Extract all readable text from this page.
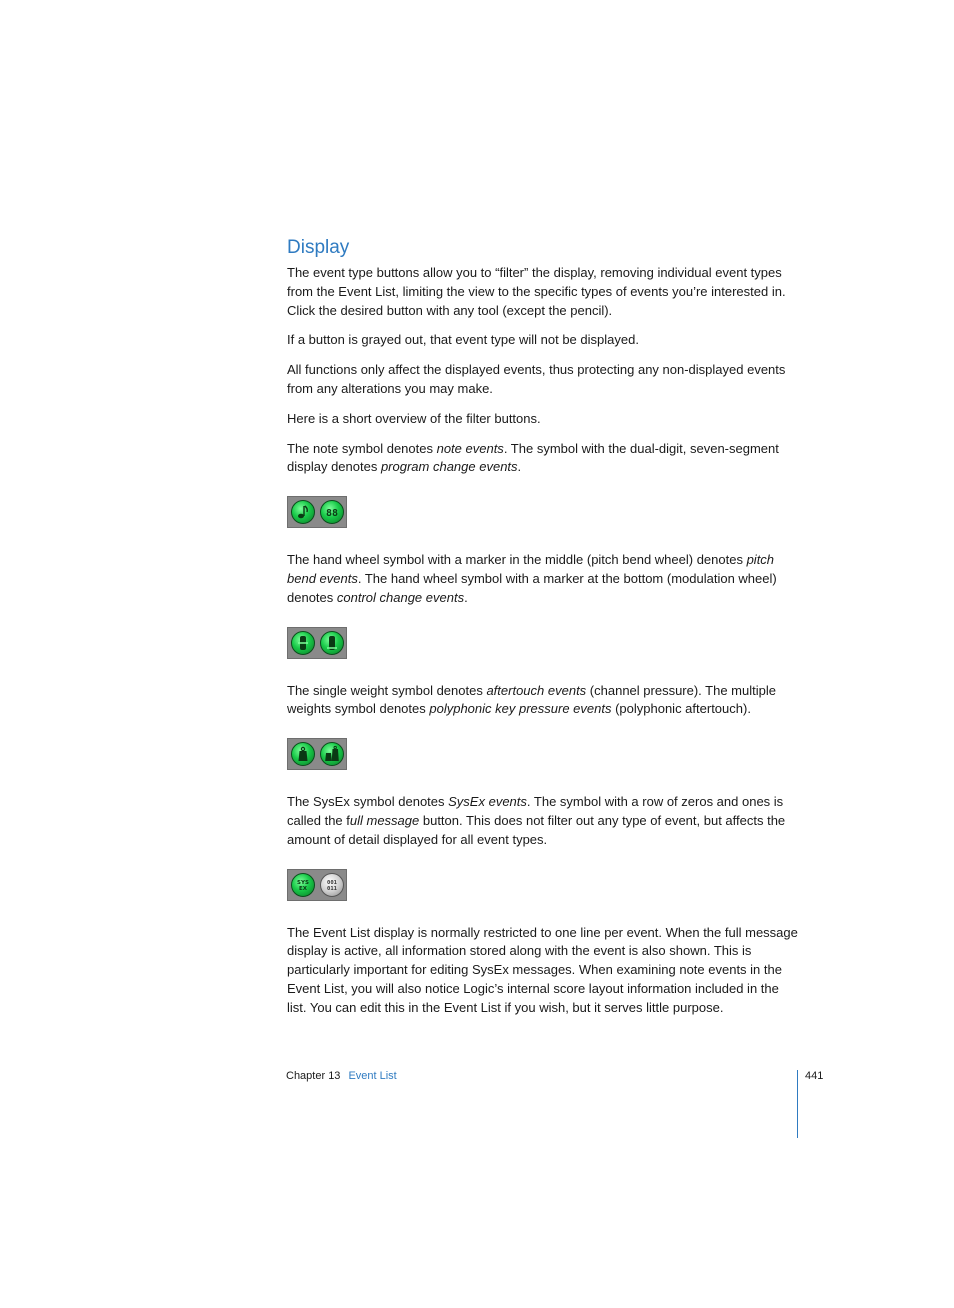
Display

The event type buttons allow you to “filter” the display, removing individual event types from the Event List, limiting the view to the specific types of events you’re interested in. Click the desired button with any tool (except the pencil).

If a button is grayed out, that event type will not be displayed.

All functions only affect the displayed events, thus protecting any non-displayed events from any alterations you may make.

Here is a short overview of the filter buttons.

The note symbol denotes note events. The symbol with the dual-digit, seven-segment display denotes program change events.

88

The hand wheel symbol with a marker in the middle (pitch bend wheel) denotes pitch bend events. The hand wheel symbol with a marker at the bottom (modulation wheel) denotes control change events.

The single weight symbol denotes aftertouch events (channel pressure). The multiple weights symbol denotes polyphonic key pressure events (polyphonic aftertouch).

The SysEx symbol denotes SysEx events. The symbol with a row of zeros and ones is called the full message button. This does not filter out any type of event, but affects the amount of detail displayed for all event types.

SYS
EX
001
011

The Event List display is normally restricted to one line per event. When the full message display is active, all information stored along with the event is also shown. This is particularly important for editing SysEx messages. When examining note events in the Event List, you will also notice Logic’s internal score layout information included in the list. You can edit this in the Event List if you wish, but it serves little purpose.

Chapter 13 Event List	441
